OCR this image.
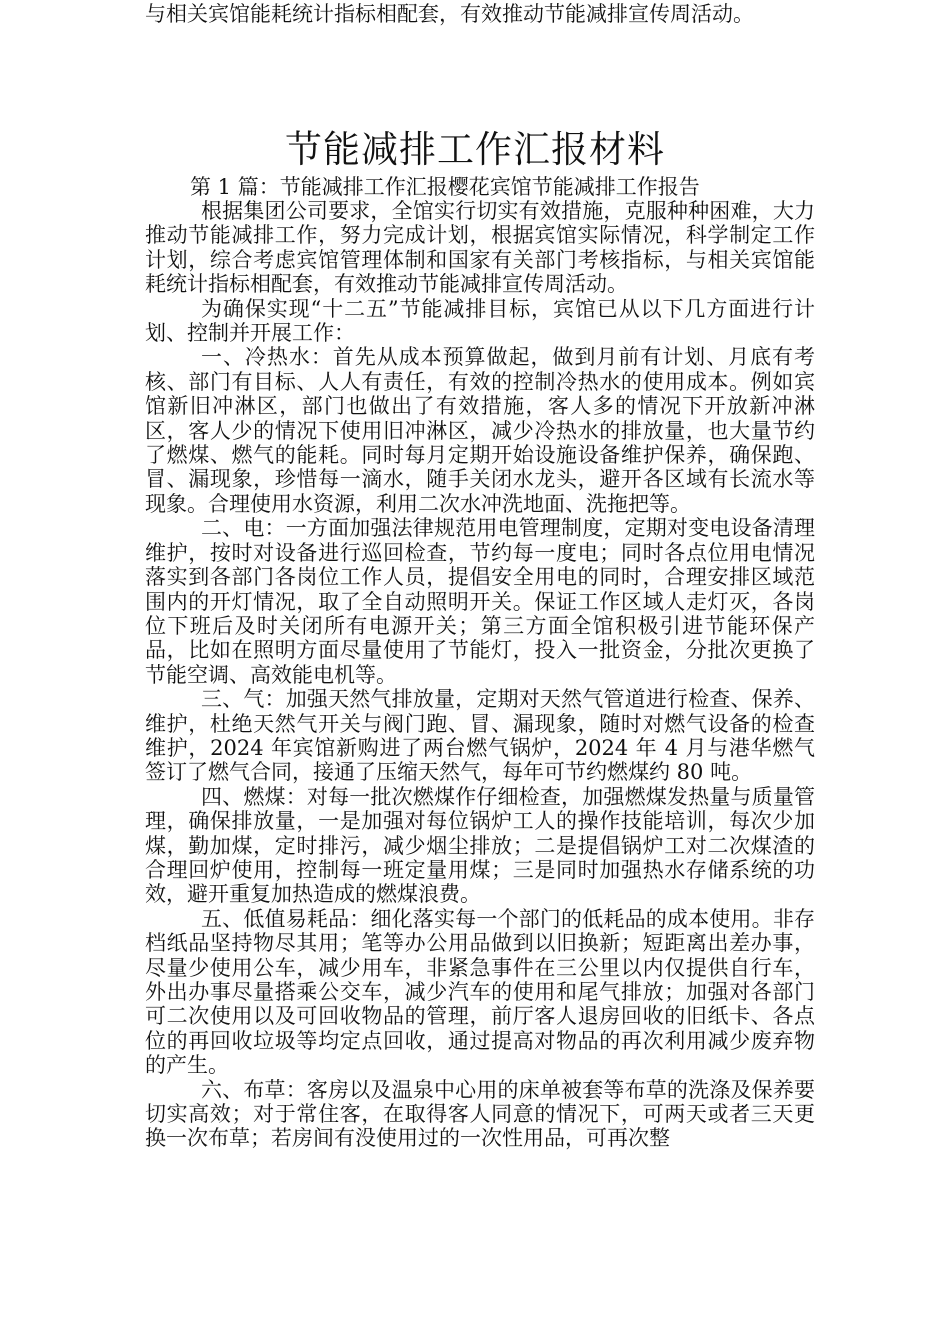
与相关宾馆能耗统计指标相配套，有效推动节能减排宣传周活动。
节能减排工作汇报材料
第 1 篇：节能减排工作汇报樱花宾馆节能减排工作报告

根据集团公司要求，全馆实行切实有效措施，克服种种困难，大力推动节能减排工作，努力完成计划，根据宾馆实际情况，科学制定工作计划，综合考虑宾馆管理体制和国家有关部门考核指标，与相关宾馆能耗统计指标相配套，有效推动节能减排宣传周活动。

为确保实现“十二五”节能减排目标，宾馆已从以下几方面进行计划、控制并开展工作：

一、冷热水：首先从成本预算做起，做到月前有计划、月底有考核、部门有目标、人人有责任，有效的控制冷热水的使用成本。例如宾馆新旧冲淋区，部门也做出了有效措施，客人多的情况下开放新冲淋区，客人少的情况下使用旧冲淋区，减少冷热水的排放量，也大量节约了燃煤、燃气的能耗。同时每月定期开始设施设备维护保养，确保跑、冒、漏现象，珍惜每一滴水，随手关闭水龙头，避开各区域有长流水等现象。合理使用水资源，利用二次水冲洗地面、洗拖把等。

二、电：一方面加强法律规范用电管理制度，定期对变电设备清理维护，按时对设备进行巡回检查，节约每一度电；同时各点位用电情况落实到各部门各岗位工作人员，提倡安全用电的同时，合理安排区域范围内的开灯情况，取了全自动照明开关。保证工作区域人走灯灭，各岗位下班后及时关闭所有电源开关；第三方面全馆积极引进节能环保产品，比如在照明方面尽量使用了节能灯，投入一批资金，分批次更换了节能空调、高效能电机等。

三、气：加强天然气排放量，定期对天然气管道进行检查、保养、维护，杜绝天然气开关与阀门跑、冒、漏现象，随时对燃气设备的检查维护，2024 年宾馆新购进了两台燃气锅炉，2024 年 4 月与港华燃气签订了燃气合同，接通了压缩天然气，每年可节约燃煤约 80 吨。

四、燃煤：对每一批次燃煤作仔细检查，加强燃煤发热量与质量管理，确保排放量，一是加强对每位锅炉工人的操作技能培训，每次少加煤，勤加煤，定时排污，减少烟尘排放；二是提倡锅炉工对二次煤渣的合理回炉使用，控制每一班定量用煤；三是同时加强热水存储系统的功效，避开重复加热造成的燃煤浪费。

五、低值易耗品：细化落实每一个部门的低耗品的成本使用。非存档纸品坚持物尽其用；笔等办公用品做到以旧换新；短距离出差办事，尽量少使用公车，减少用车，非紧急事件在三公里以内仅提供自行车，外出办事尽量搭乘公交车，减少汽车的使用和尾气排放；加强对各部门可二次使用以及可回收物品的管理，前厅客人退房回收的旧纸卡、各点位的再回收垃圾等均定点回收，通过提高对物品的再次利用减少废弃物的产生。

六、布草：客房以及温泉中心用的床单被套等布草的洗涤及保养要切实高效；对于常住客，在取得客人同意的情况下，可两天或者三天更换一次布草；若房间有没使用过的一次性用品，可再次整
